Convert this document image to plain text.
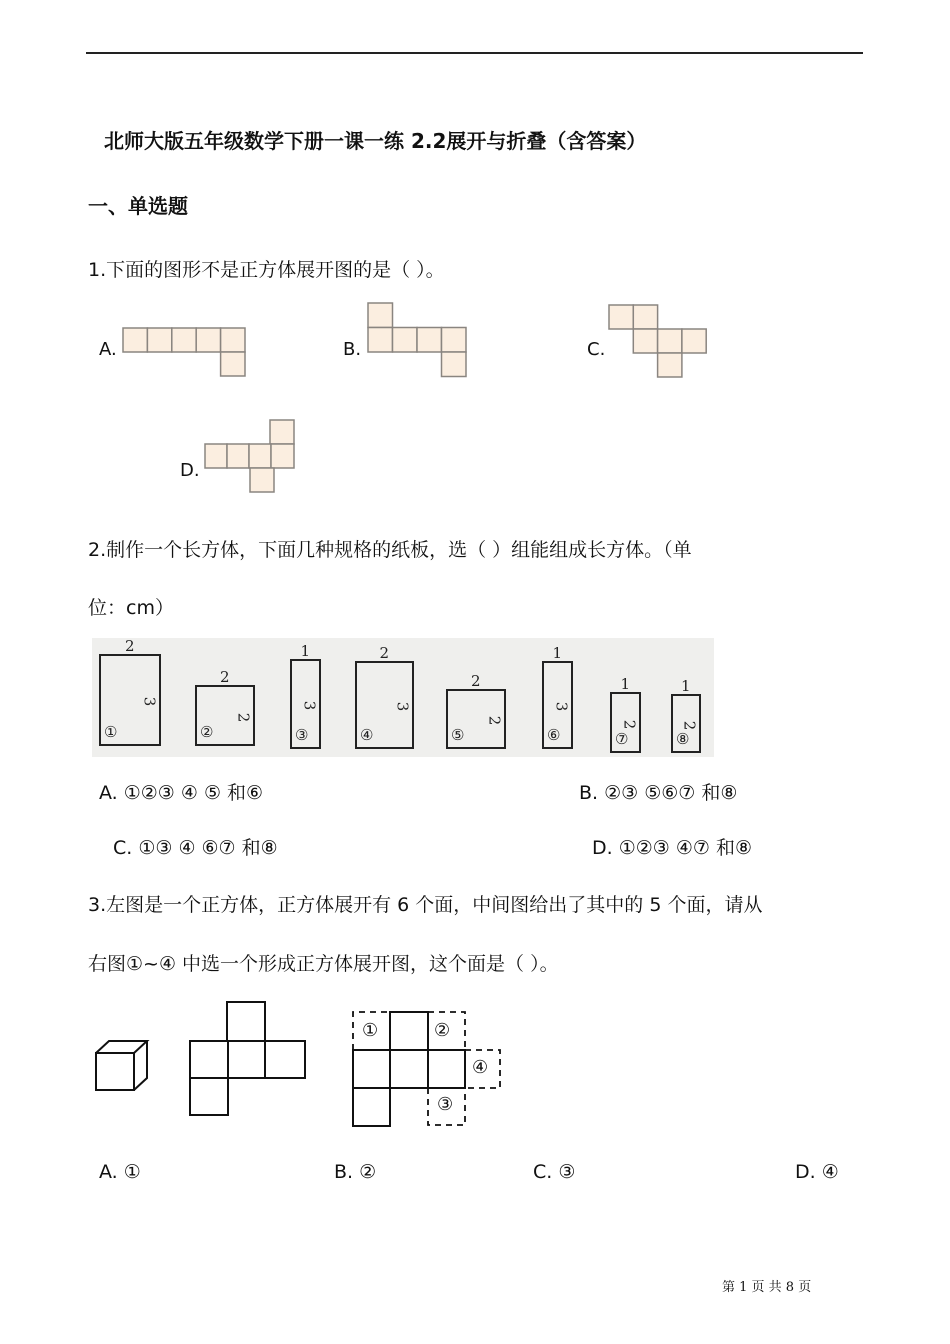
北师大版五年级数学下册一课一练 2.2展开与折叠（含答案）
一、单选题
1.下面的图形不是正方体展开图的是（ ）。
A.	B.	C.
D.
2
3
①
2
2
②
1
3
③
2
3
④
2
2
⑤
1
3
⑥
1
2
⑦
1
2
⑧
2.制作一个长方体，下面几种规格的纸板，选（ ）组能组成长方体。（单
位：cm）
A. ①②③ ④ ⑤ 和⑥	B. ②③ ⑤⑥⑦ 和⑧
C. ①③ ④ ⑥⑦ 和⑧	D. ①②③ ④⑦ 和⑧
3.左图是一个正方体，正方体展开有 6 个面，中间图给出了其中的 5 个面，请从
右图①~④ 中选一个形成正方体展开图，这个面是（ ）。
①	②
③
④
A. ①	B. ②	C. ③	D. ④
第 1 页 共 8 页
